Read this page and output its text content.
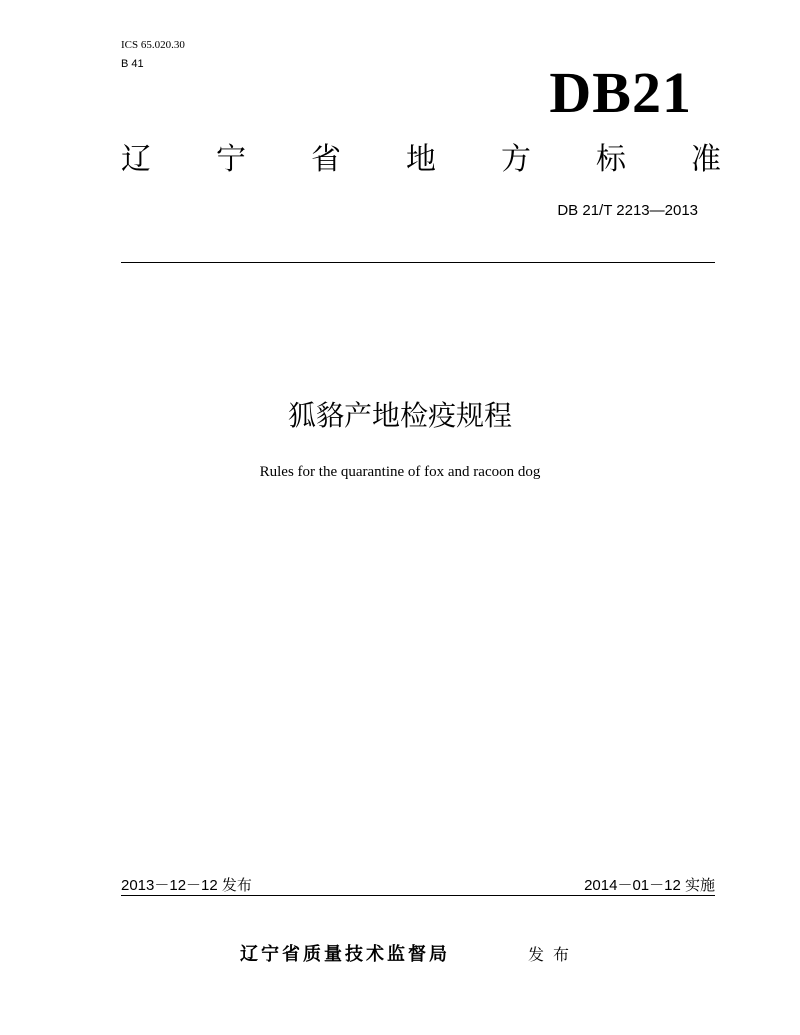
ICS 65.020.30
B 41	DB21
辽 宁 省 地 方 标 准
DB 21/T 2213—2013
狐貉产地检疫规程
Rules for the quarantine of fox and racoon dog
2013－12－12 发布	2014－01－12 实施
辽宁省质量技术监督局	发布
